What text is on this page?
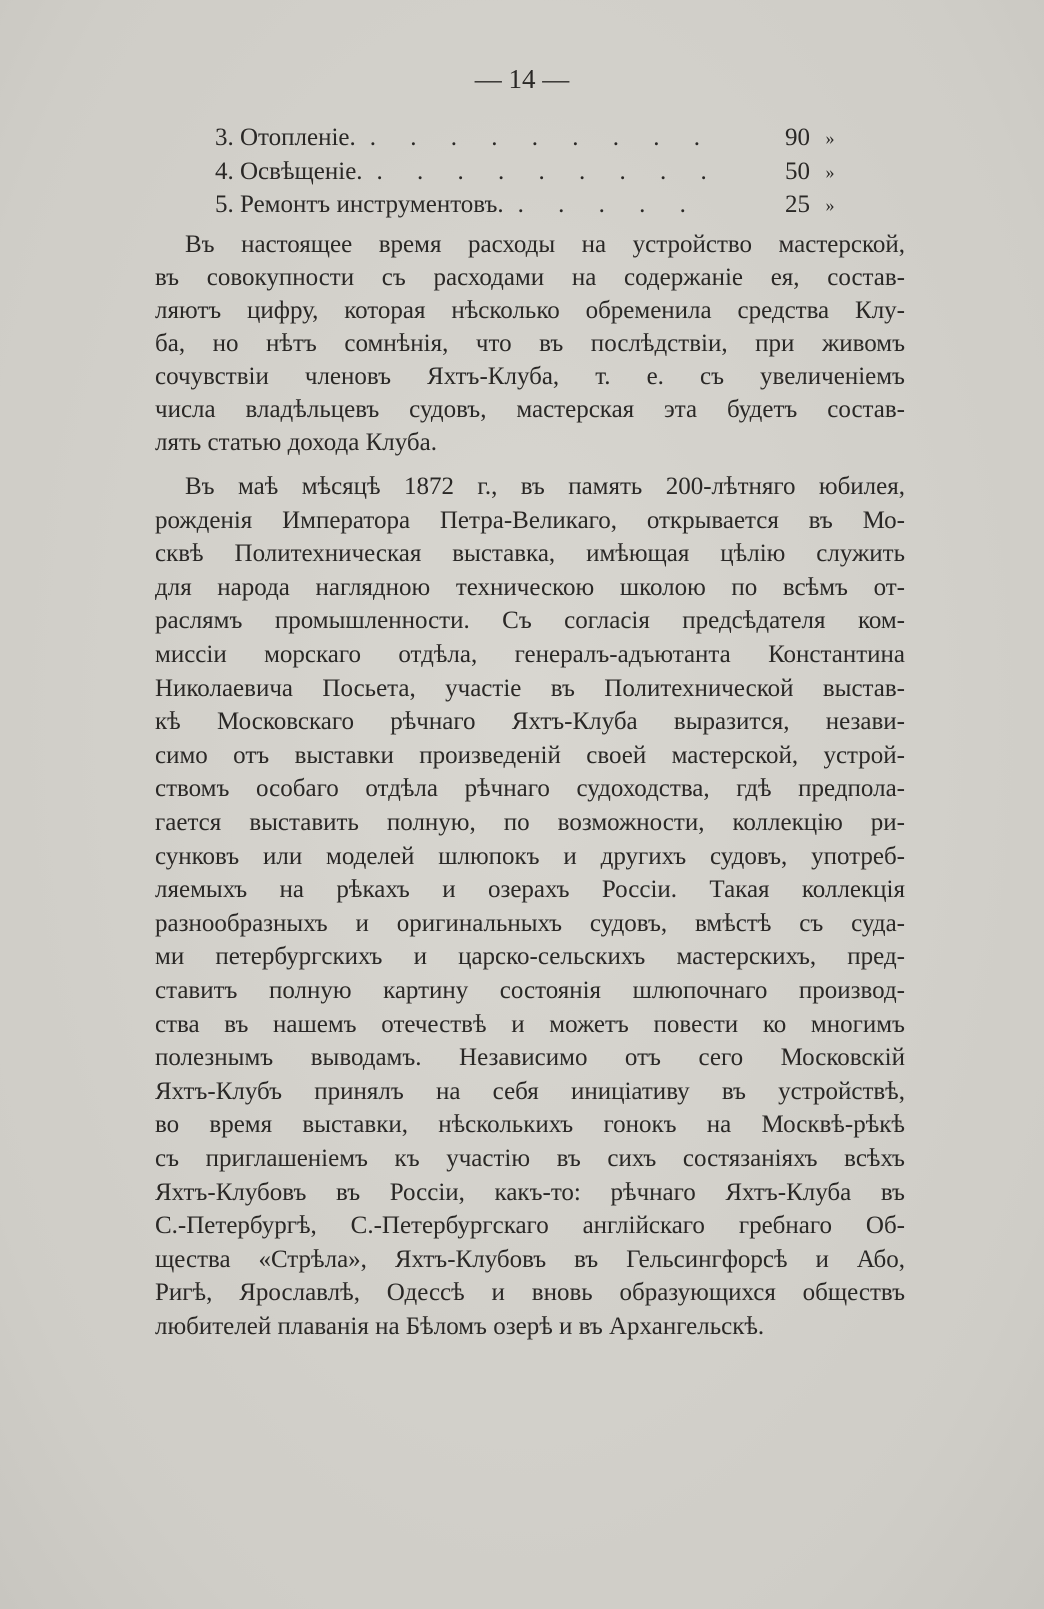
— 14 —
3. Отопленіе. . . . . . . . . .	90 »
4. Освѣщеніе. . . . . . . . . .	50 »
5. Ремонтъ инструментовъ. . . . . .	25 »
Въ настоящее время расходы на устройство мастерской,
въ совокупности съ расходами на содержаніе ея, состав-
ляютъ цифру, которая нѣсколько обременила средства Клу-
ба, но нѣтъ сомнѣнія, что въ послѣдствіи, при живомъ
сочувствіи членовъ Яхтъ-Клуба, т. е. съ увеличеніемъ
числа владѣльцевъ судовъ, мастерская эта будетъ состав-
лять статью дохода Клуба.
Въ маѣ мѣсяцѣ 1872 г., въ память 200-лѣтняго юбилея,
рожденія Императора Петра-Великаго, открывается въ Мо-
сквѣ Политехническая выставка, имѣющая цѣлію служить
для народа наглядною техническою школою по всѣмъ от-
раслямъ промышленности. Съ согласія предсѣдателя ком-
миссіи морскаго отдѣла, генералъ-адъютанта Константина
Николаевича Посьета, участіе въ Политехнической выстав-
кѣ Московскаго рѣчнаго Яхтъ-Клуба выразится, незави-
симо отъ выставки произведеній своей мастерской, устрой-
ствомъ особаго отдѣла рѣчнаго судоходства, гдѣ предпола-
гается выставить полную, по возможности, коллекцію ри-
сунковъ или моделей шлюпокъ и другихъ судовъ, употреб-
ляемыхъ на рѣкахъ и озерахъ Россіи. Такая коллекція
разнообразныхъ и оригинальныхъ судовъ, вмѣстѣ съ суда-
ми петербургскихъ и царско-сельскихъ мастерскихъ, пред-
ставитъ полную картину состоянія шлюпочнаго производ-
ства въ нашемъ отечествѣ и можетъ повести ко многимъ
полезнымъ выводамъ. Независимо отъ сего Московскій
Яхтъ-Клубъ принялъ на себя иниціативу въ устройствѣ,
во время выставки, нѣсколькихъ гонокъ на Москвѣ-рѣкѣ
съ приглашеніемъ къ участію въ сихъ состязаніяхъ всѣхъ
Яхтъ-Клубовъ въ Россіи, какъ-то: рѣчнаго Яхтъ-Клуба въ
С.-Петербургѣ, С.-Петербургскаго англійскаго гребнаго Об-
щества «Стрѣла», Яхтъ-Клубовъ въ Гельсингфорсѣ и Або,
Ригѣ, Ярославлѣ, Одессѣ и вновь образующихся обществъ
любителей плаванія на Бѣломъ озерѣ и въ Архангельскѣ.
